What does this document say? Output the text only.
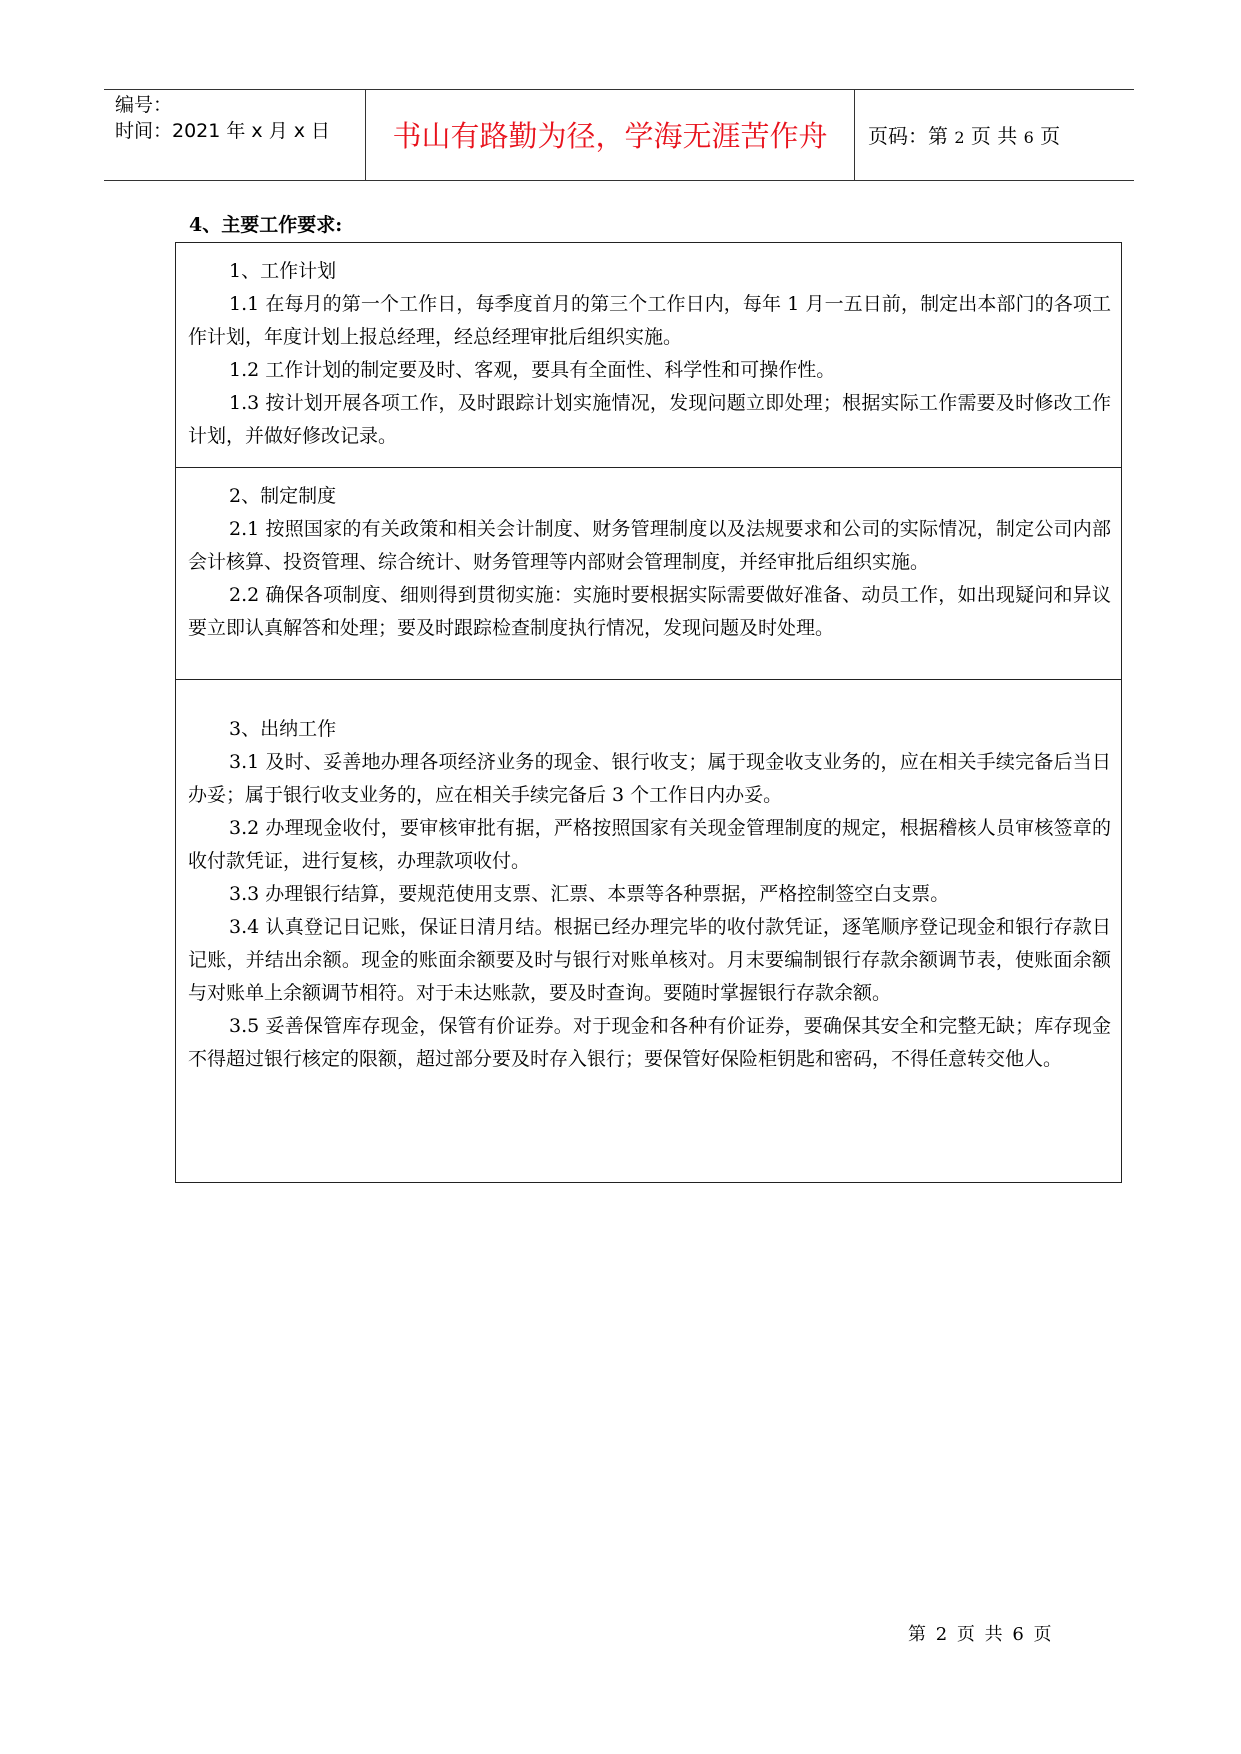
编号：
时间：2021 年 x 月 x 日	书山有路勤为径，学海无涯苦作舟	页码：第 2 页 共 6 页
4、主要工作要求:

1、工作计划

1.1 在每月的第一个工作日，每季度首月的第三个工作日内，每年 1 月一五日前，制定出本部门的各项工作计划，年度计划上报总经理，经总经理审批后组织实施。

1.2 工作计划的制定要及时、客观，要具有全面性、科学性和可操作性。

1.3 按计划开展各项工作，及时跟踪计划实施情况，发现问题立即处理；根据实际工作需要及时修改工作计划，并做好修改记录。

2、制定制度

2.1 按照国家的有关政策和相关会计制度、财务管理制度以及法规要求和公司的实际情况，制定公司内部会计核算、投资管理、综合统计、财务管理等内部财会管理制度，并经审批后组织实施。

2.2 确保各项制度、细则得到贯彻实施：实施时要根据实际需要做好准备、动员工作，如出现疑问和异议要立即认真解答和处理；要及时跟踪检查制度执行情况，发现问题及时处理。

3、出纳工作

3.1 及时、妥善地办理各项经济业务的现金、银行收支；属于现金收支业务的，应在相关手续完备后当日办妥；属于银行收支业务的，应在相关手续完备后 3 个工作日内办妥。

3.2 办理现金收付，要审核审批有据，严格按照国家有关现金管理制度的规定，根据稽核人员审核签章的收付款凭证，进行复核，办理款项收付。

3.3 办理银行结算，要规范使用支票、汇票、本票等各种票据，严格控制签空白支票。

3.4 认真登记日记账，保证日清月结。根据已经办理完毕的收付款凭证，逐笔顺序登记现金和银行存款日记账，并结出余额。现金的账面余额要及时与银行对账单核对。月末要编制银行存款余额调节表，使账面余额与对账单上余额调节相符。对于未达账款，要及时查询。要随时掌握银行存款余额。

3.5 妥善保管库存现金，保管有价证券。对于现金和各种有价证券，要确保其安全和完整无缺；库存现金不得超过银行核定的限额，超过部分要及时存入银行；要保管好保险柜钥匙和密码，不得任意转交他人。

第 2 页 共 6 页
